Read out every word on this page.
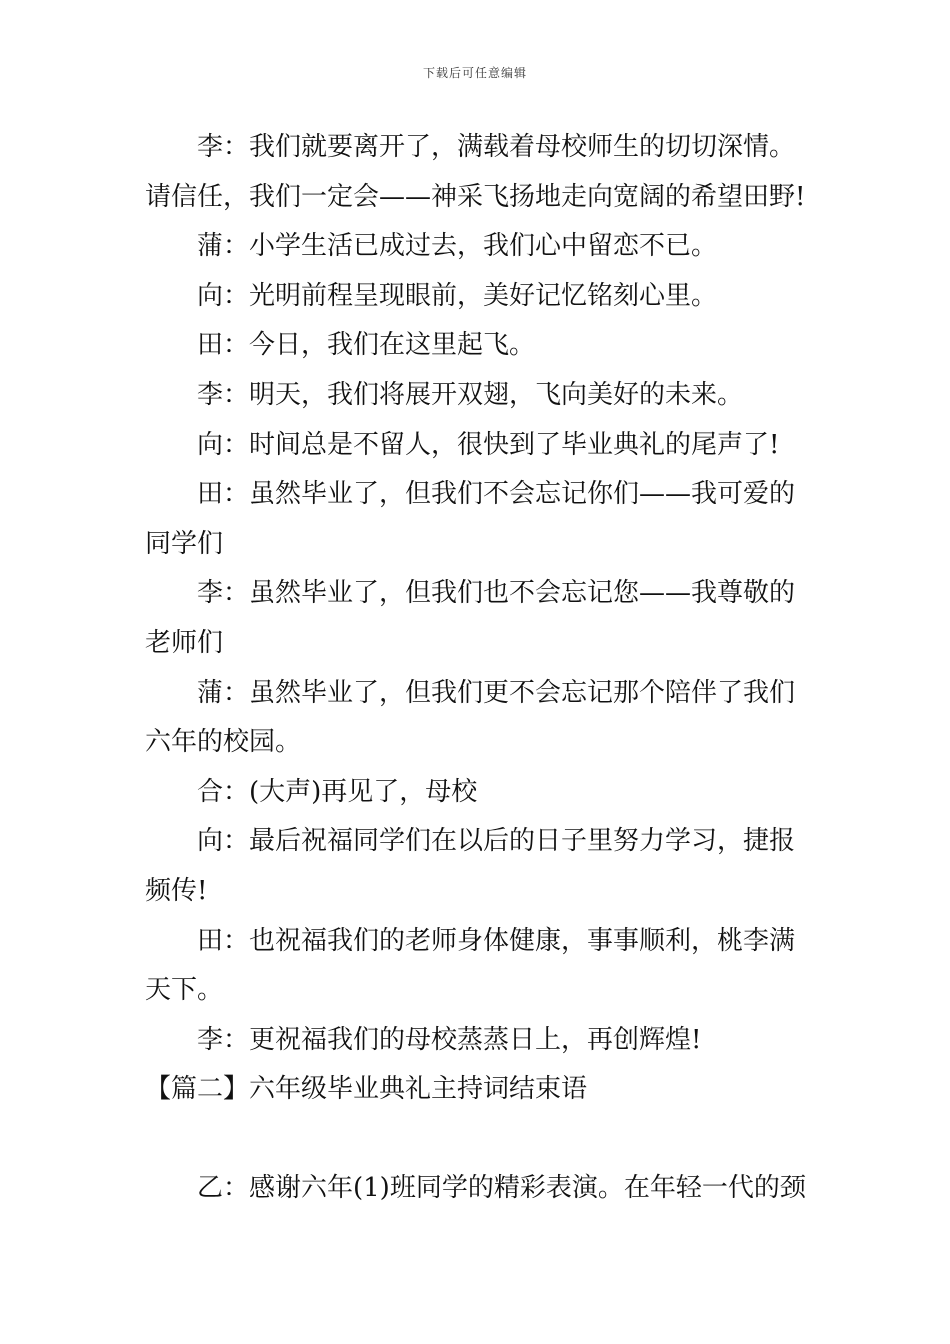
下载后可任意编辑
李：我们就要离开了，满载着母校师生的切切深情。
请信任，我们一定会——神采飞扬地走向宽阔的希望田野!
蒲：小学生活已成过去，我们心中留恋不已。
向：光明前程呈现眼前，美好记忆铭刻心里。
田：今日，我们在这里起飞。
李：明天，我们将展开双翅，飞向美好的未来。
向：时间总是不留人，很快到了毕业典礼的尾声了!
田：虽然毕业了，但我们不会忘记你们——我可爱的
同学们
李：虽然毕业了，但我们也不会忘记您——我尊敬的
老师们
蒲：虽然毕业了，但我们更不会忘记那个陪伴了我们
六年的校园。
合：(大声)再见了，母校
向：最后祝福同学们在以后的日子里努力学习，捷报
频传!
田：也祝福我们的老师身体健康，事事顺利，桃李满
天下。
李：更祝福我们的母校蒸蒸日上，再创辉煌!
【篇二】六年级毕业典礼主持词结束语
乙：感谢六年(1)班同学的精彩表演。在年轻一代的颈
